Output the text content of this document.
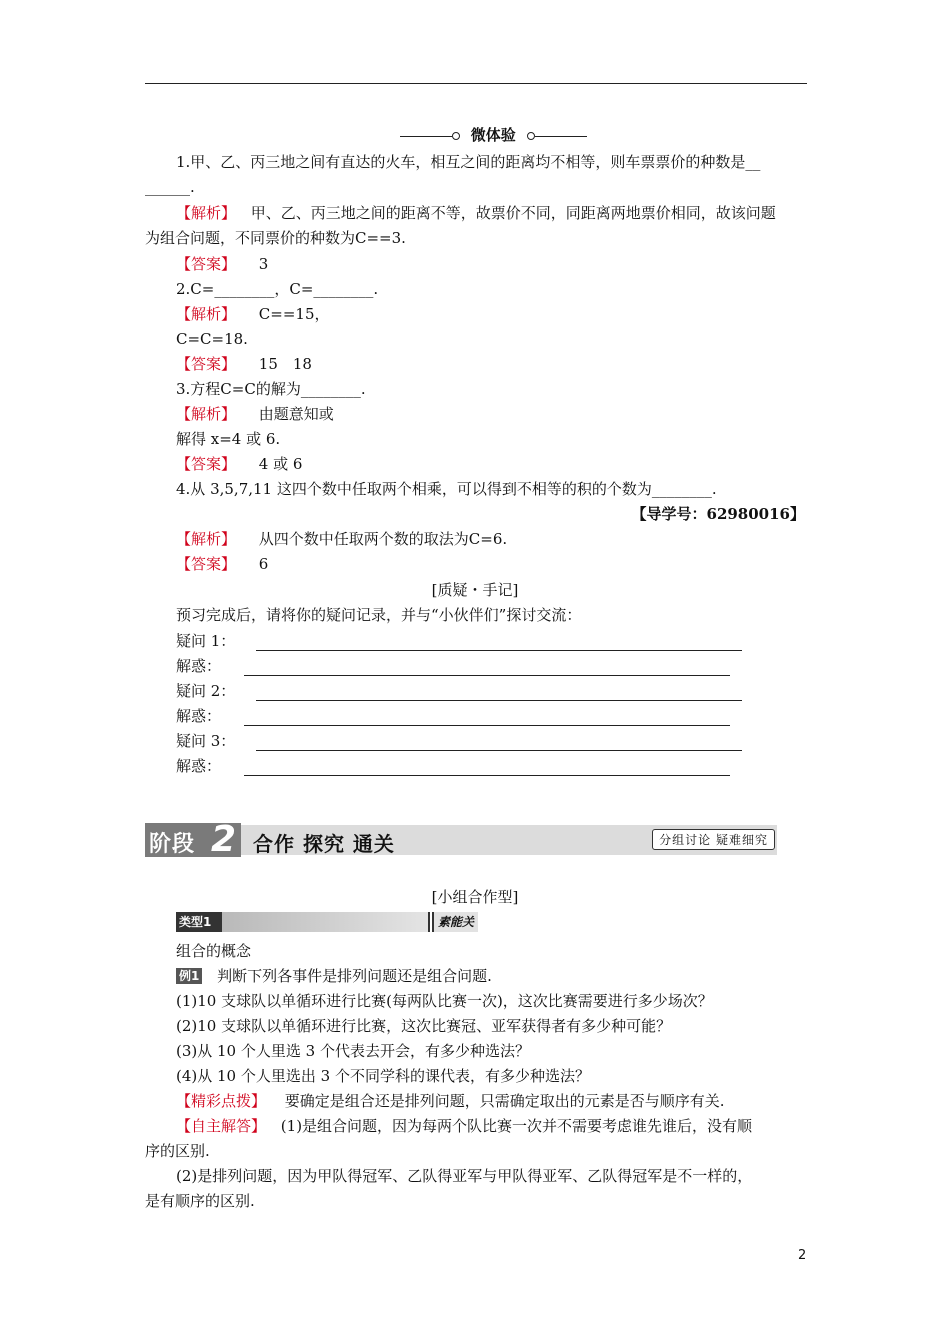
微体验
1.甲、乙、丙三地之间有直达的火车，相互之间的距离均不相等，则车票票价的种数是__
______.
【解析】 甲、乙、丙三地之间的距离不等，故票价不同，同距离两地票价相同，故该问题
为组合问题，不同票价的种数为C==3.
【答案】 3
2.C=________，C=________.
【解析】 C==15，
C=C=18.
【答案】 15　18
3.方程C=C的解为________.
【解析】 由题意知或
解得 x=4 或 6.
【答案】 4 或 6
4.从 3,5,7,11 这四个数中任取两个相乘，可以得到不相等的积的个数为________.
【导学号：62980016】
【解析】 从四个数中任取两个数的取法为C=6.
【答案】 6
[质疑・手记]
预习完成后，请将你的疑问记录，并与“小伙伴们”探讨交流：
疑问 1：
解惑：
疑问 2：
解惑：
疑问 3：
解惑：
阶段 2 合作 探究 通关	分组讨论 疑难细究
[小组合作型]
类型1	素能关
组合的概念
例1 判断下列各事件是排列问题还是组合问题.
(1)10 支球队以单循环进行比赛(每两队比赛一次)，这次比赛需要进行多少场次？
(2)10 支球队以单循环进行比赛，这次比赛冠、亚军获得者有多少种可能？
(3)从 10 个人里选 3 个代表去开会，有多少种选法？
(4)从 10 个人里选出 3 个不同学科的课代表，有多少种选法？
【精彩点拨】 要确定是组合还是排列问题，只需确定取出的元素是否与顺序有关.
【自主解答】 (1)是组合问题，因为每两个队比赛一次并不需要考虑谁先谁后，没有顺
序的区别.
(2)是排列问题，因为甲队得冠军、乙队得亚军与甲队得亚军、乙队得冠军是不一样的，
是有顺序的区别.
2
